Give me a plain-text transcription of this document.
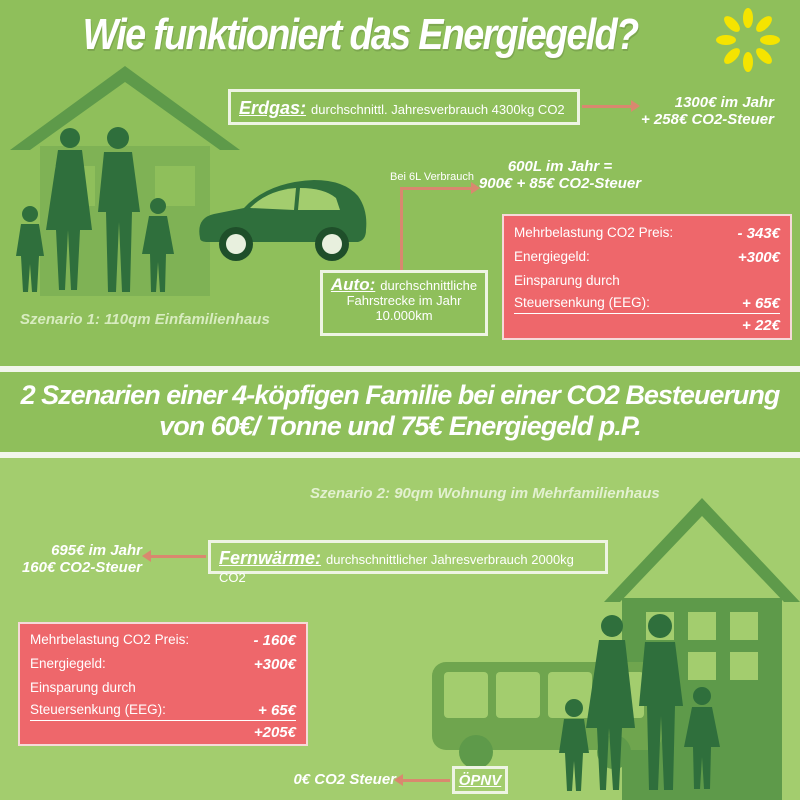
Wie funktioniert das Energiegeld?
Szenario 1: 110qm Einfamilienhaus
Erdgas: durchschnittl. Jahresverbrauch 4300kg CO2	1300€ im Jahr
+ 258€ CO2-Steuer
Bei 6L Verbrauch
600L im Jahr =
900€ + 85€ CO2-Steuer
Auto: durchschnittliche
Fahrstrecke im Jahr
10.000km
Mehrbelastung CO2 Preis:	- 343€
Energiegeld:	+300€
Einsparung durch
Steuersenkung (EEG):	+ 65€
+ 22€
2 Szenarien einer 4-köpfigen Familie bei einer CO2 Besteuerung
von 60€/ Tonne und 75€ Energiegeld p.P.
Szenario 2: 90qm Wohnung im Mehrfamilienhaus
Fernwärme: durchschnittlicher Jahresverbrauch 2000kg CO2
695€ im Jahr
160€ CO2-Steuer
Mehrbelastung CO2 Preis:	- 160€
Energiegeld:	+300€
Einsparung durch
Steuersenkung (EEG):	+ 65€
+205€
ÖPNV
0€ CO2 Steuer
